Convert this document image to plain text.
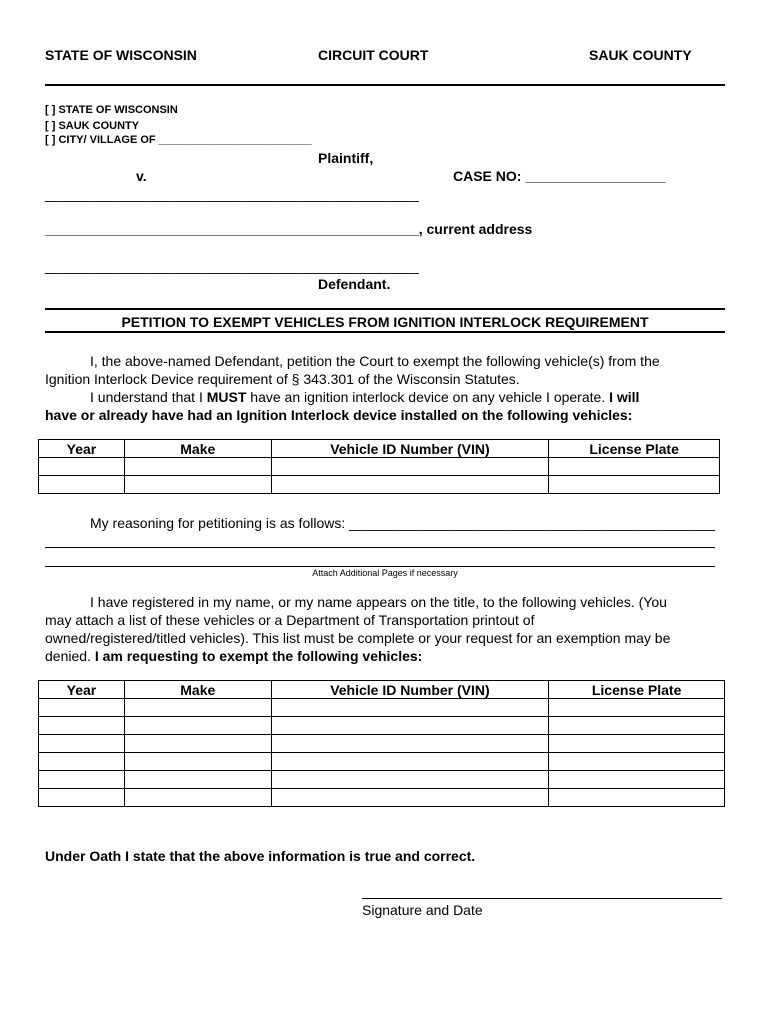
STATE OF WISCONSIN	CIRCUIT COURT	SAUK COUNTY
[ ] STATE OF WISCONSIN
[ ] SAUK COUNTY
[ ] CITY/ VILLAGE OF _________________________
Plaintiff,
v.	CASE NO: __________________
________________________________________________
________________________________________________, current address
________________________________________________
Defendant.
PETITION TO EXEMPT VEHICLES FROM IGNITION INTERLOCK REQUIREMENT
I, the above-named Defendant, petition the Court to exempt the following vehicle(s) from the
Ignition Interlock Device requirement of § 343.301 of the Wisconsin Statutes.
I understand that I MUST have an ignition interlock device on any vehicle I operate. I will
have or already have had an Ignition Interlock device installed on the following vehicles:
Year	Make	Vehicle ID Number (VIN)	License Plate

My reasoning for petitioning is as follows: _______________________________________________
Attach Additional Pages if necessary
I have registered in my name, or my name appears on the title, to the following vehicles. (You
may attach a list of these vehicles or a Department of Transportation printout of
owned/registered/titled vehicles). This list must be complete or your request for an exemption may be
denied. I am requesting to exempt the following vehicles:
Year	Make	Vehicle ID Number (VIN)	License Plate

Under Oath I state that the above information is true and correct.
Signature and Date
